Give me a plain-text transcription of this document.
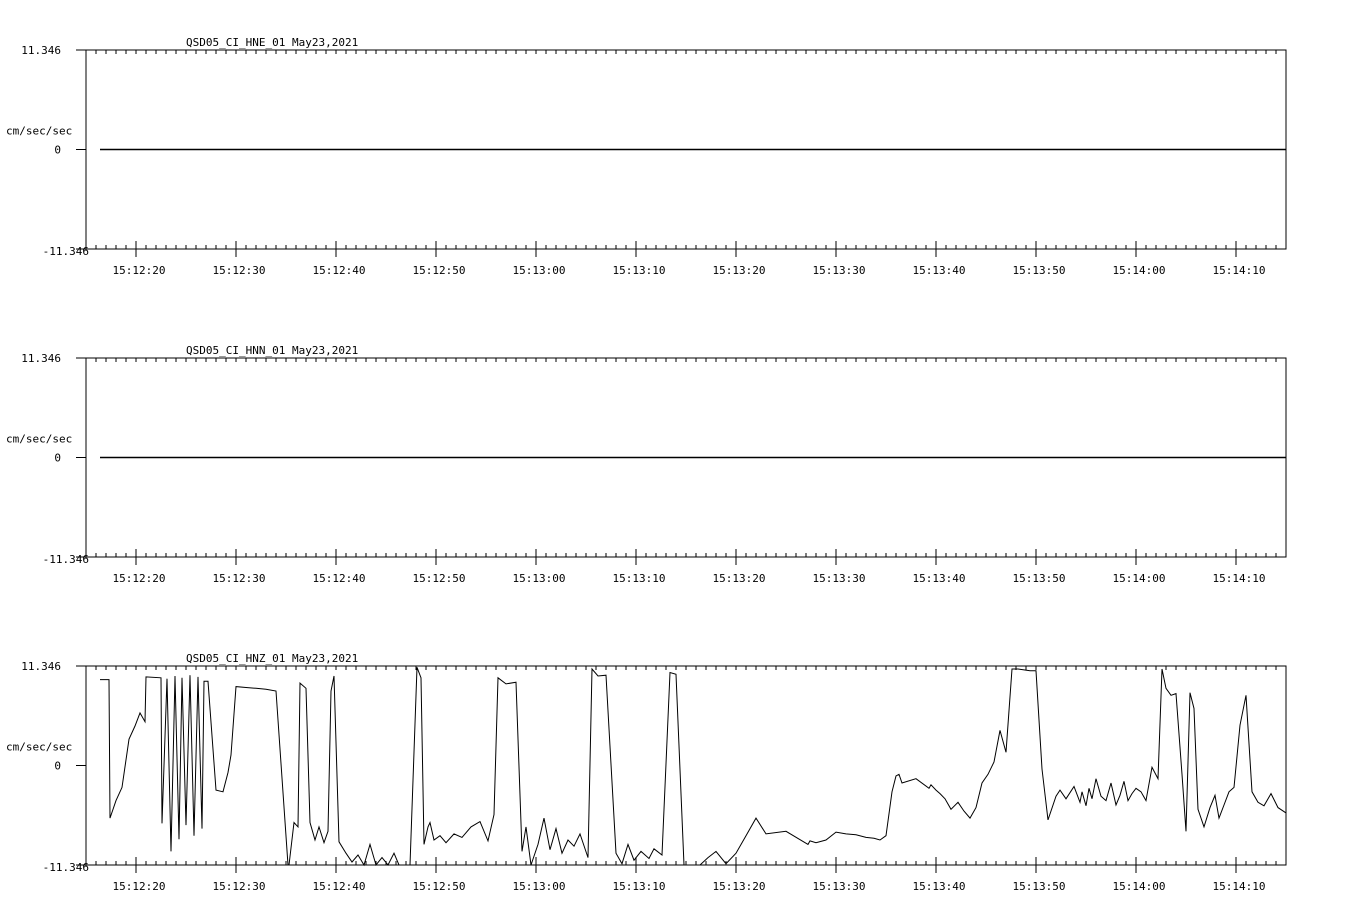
QSD05_CI_HNE_01 May23,2021
11.346
0
-11.346
cm/sec/sec
15:12:20	15:12:30	15:12:40	15:12:50	15:13:00	15:13:10	15:13:20	15:13:30	15:13:40	15:13:50	15:14:00	15:14:10
QSD05_CI_HNN_01 May23,2021
11.346
0
-11.346
cm/sec/sec
15:12:20	15:12:30	15:12:40	15:12:50	15:13:00	15:13:10	15:13:20	15:13:30	15:13:40	15:13:50	15:14:00	15:14:10
QSD05_CI_HNZ_01 May23,2021
11.346
0
-11.346
cm/sec/sec
15:12:20	15:12:30	15:12:40	15:12:50	15:13:00	15:13:10	15:13:20	15:13:30	15:13:40	15:13:50	15:14:00	15:14:10
